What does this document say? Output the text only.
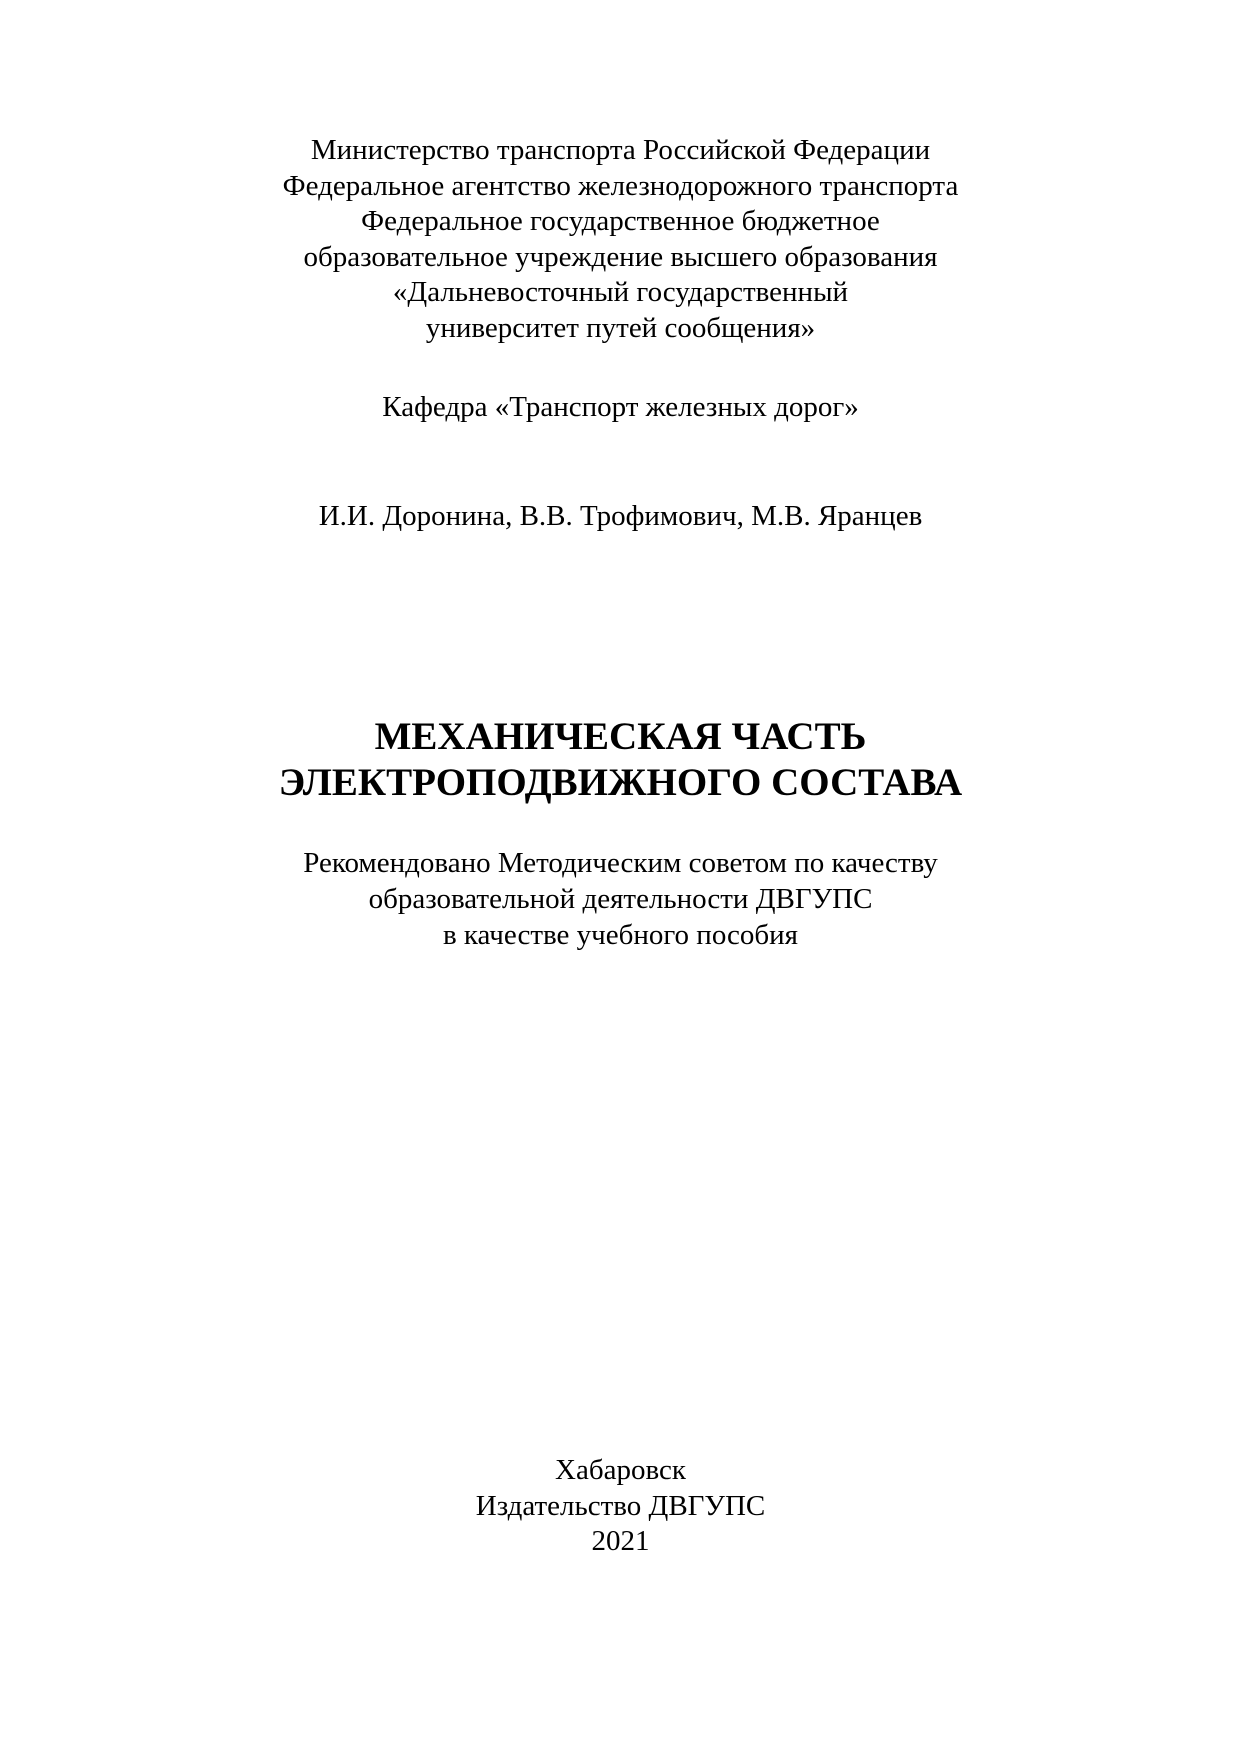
Министерство транспорта Российской Федерации
Федеральное агентство железнодорожного транспорта
Федеральное государственное бюджетное
образовательное учреждение высшего образования
«Дальневосточный государственный
университет путей сообщения»
Кафедра «Транспорт железных дорог»
И.И. Доронина, В.В. Трофимович, М.В. Яранцев
МЕХАНИЧЕСКАЯ ЧАСТЬ
ЭЛЕКТРОПОДВИЖНОГО СОСТАВА
Рекомендовано Методическим советом по качеству
образовательной деятельности ДВГУПС
в качестве учебного пособия
Хабаровск
Издательство ДВГУПС
2021
